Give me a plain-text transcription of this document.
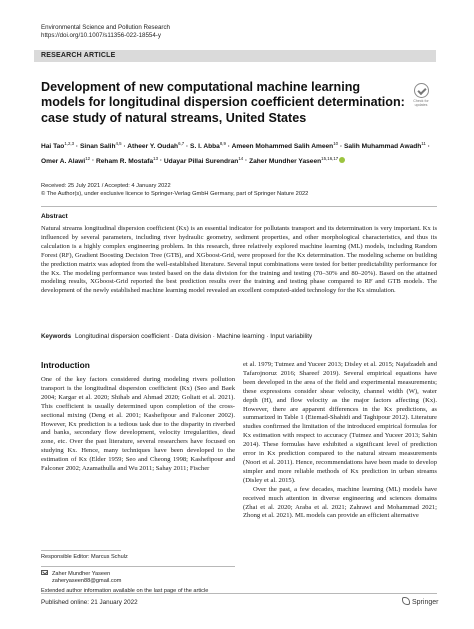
Environmental Science and Pollution Research
https://doi.org/10.1007/s11356-022-18554-y
RESEARCH ARTICLE
Check for updates
Development of new computational machine learning models for longitudinal dispersion coefficient determination: case study of natural streams, United States
Hai Tao$^{1,2,3}$ · Sinan Salih$^{4,5}$ · Atheer Y. Oudah$^{6,7}$ · S. I. Abba$^{8,9}$ · Ameen Mohammed Salih Ameen$^{10}$ · Salih Muhammad Awadh$^{11}$ · Omer A. Alawi$^{12}$ · Reham R. Mostafa$^{13}$ · Udayar Pillai Surendran$^{14}$ · Zaher Mundher Yaseen$^{15,16,17}$
Received: 25 July 2021 / Accepted: 4 January 2022
© The Author(s), under exclusive licence to Springer-Verlag GmbH Germany, part of Springer Nature 2022
Abstract

Natural streams longitudinal dispersion coefficient (Kx) is an essential indicator for pollutants transport and its determination is very important. Kx is influenced by several parameters, including river hydraulic geometry, sediment properties, and other morphological characteristics, and thus its calculation is a highly complex engineering problem. In this research, three relatively explored machine learning (ML) models, including Random Forest (RF), Gradient Boosting Decision Tree (GTB), and XGboost-Grid, were proposed for the Kx determination. The modeling scheme on building the prediction matrix was adopted from the well-established literature. Several input combinations were tested for better predictability performance for the Kx. The modeling performance was tested based on the data division for the training and testing (70–30% and 80–20%). Based on the attained modeling results, XGboost-Grid reported the best prediction results over the training and testing phase compared to RF and GTB models. The development of the newly established machine learning model revealed an excellent computed-aided technology for the Kx simulation.

Keywords Longitudinal dispersion coefficient · Data division · Machine learning · Input variability
Introduction

One of the key factors considered during modeling rivers pollution transport is the longitudinal dispersion coefficient (Kx) (Seo and Baek 2004; Kargar et al. 2020; Shihab and Ahmad 2020; Goliatt et al. 2021). This coefficient is usually determined upon completion of the cross-sectional mixing (Deng et al. 2001; Kashefipour and Falconer 2002). However, Kx prediction is a tedious task due to the disparity in riverbed and banks, secondary flow development, velocity irregularities, dead zone, etc. Over the past literature, several researchers have focused on studying Kx. Hence, many techniques have been developed to the estimation of Kx (Elder 1959; Seo and Cheong 1998; Kashefipour and Falconer 2002; Azamathulla and Wu 2011; Sahay 2011; Fischer

et al. 1979; Tutmez and Yuceer 2013; Disley et al. 2015; Najafzadeh and Tafarojnoruz 2016; Shareef 2019). Several empirical equations have been developed in the area of the field and experimental measurements; these expressions consider shear velocity, channel width (W), water depth (H), and flow velocity as the major factors affecting (Kx). However, there are apparent differences in the Kx predictions, as summarized in Table 1 (Etemad-Shahidi and Taghipour 2012). Literature studies confirmed the limitation of the introduced empirical formulas for Kx estimation with respect to accuracy (Tutmez and Yuceer 2013; Sahin 2014). These formulas have exhibited a significant level of prediction error in Kx prediction compared to the natural stream measurements (Noori et al. 2011). Hence, recommendations have been made to develop simpler and more reliable methods of Kx prediction in urban streams (Disley et al. 2015).

Over the past, a few decades, machine learning (ML) models have received much attention in diverse engineering and sciences domains (Zhai et al. 2020; Araba et al. 2021; Zahrawi and Mohammad 2021; Zhong et al. 2021). ML models can provide an efficient alternative

Responsible Editor: Marcus Schulz
Zaher Mundher Yaseen
zaheryaseen88@gmail.com
Extended author information available on the last page of the article
Published online: 21 January 2022	Springer
